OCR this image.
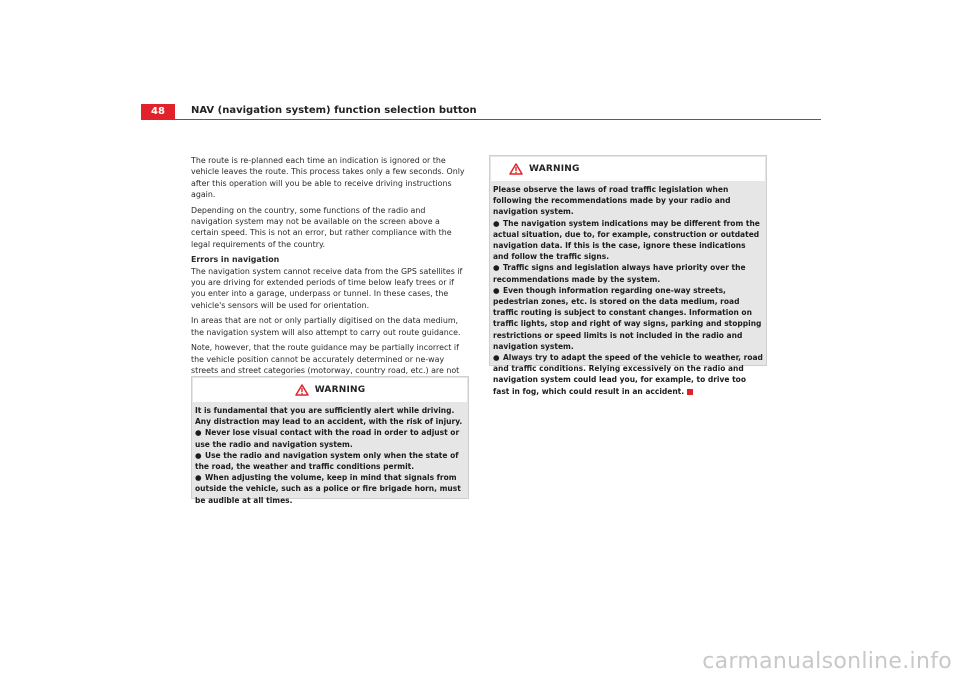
48	NAV (navigation system) function selection button

The route is re-planned each time an indication is ignored or the vehicle leaves the route. This process takes only a few seconds. Only after this operation will you be able to receive driving instructions again.

Depending on the country, some functions of the radio and navigation system may not be available on the screen above a certain speed. This is not an error, but rather compliance with the legal requirements of the country.

Errors in navigation

The navigation system cannot receive data from the GPS satellites if you are driving for extended periods of time below leafy trees or if you enter into a garage, underpass or tunnel. In these cases, the vehicle's sensors will be used for orientation.

In areas that are not or only partially digitised on the data medium, the navigation system will also attempt to carry out route guidance.

Note, however, that the route guidance may be partially incorrect if the vehicle position cannot be accurately determined or ne-way streets and street categories (motorway, country road, etc.) are not

WARNING

It is fundamental that you are sufficiently alert while driving. Any distraction may lead to an accident, with the risk of injury.

● Never lose visual contact with the road in order to adjust or use the radio and navigation system.
● Use the radio and navigation system only when the state of the road, the weather and traffic conditions permit.
● When adjusting the volume, keep in mind that signals from outside the vehicle, such as a police or fire brigade horn, must be audible at all times.
WARNING

Please observe the laws of road traffic legislation when following the recommendations made by your radio and navigation system.

● The navigation system indications may be different from the actual situation, due to, for example, construction or outdated navigation data. If this is the case, ignore these indications and follow the traffic signs.
● Traffic signs and legislation always have priority over the recommendations made by the system.
● Even though information regarding one-way streets, pedestrian zones, etc. is stored on the data medium, road traffic routing is subject to constant changes. Information on traffic lights, stop and right of way signs, parking and stopping restrictions or speed limits is not included in the radio and navigation system.
● Always try to adapt the speed of the vehicle to weather, road and traffic conditions. Relying excessively on the radio and navigation system could lead you, for example, to drive too fast in fog, which could result in an accident.
carmanualsonline.info
